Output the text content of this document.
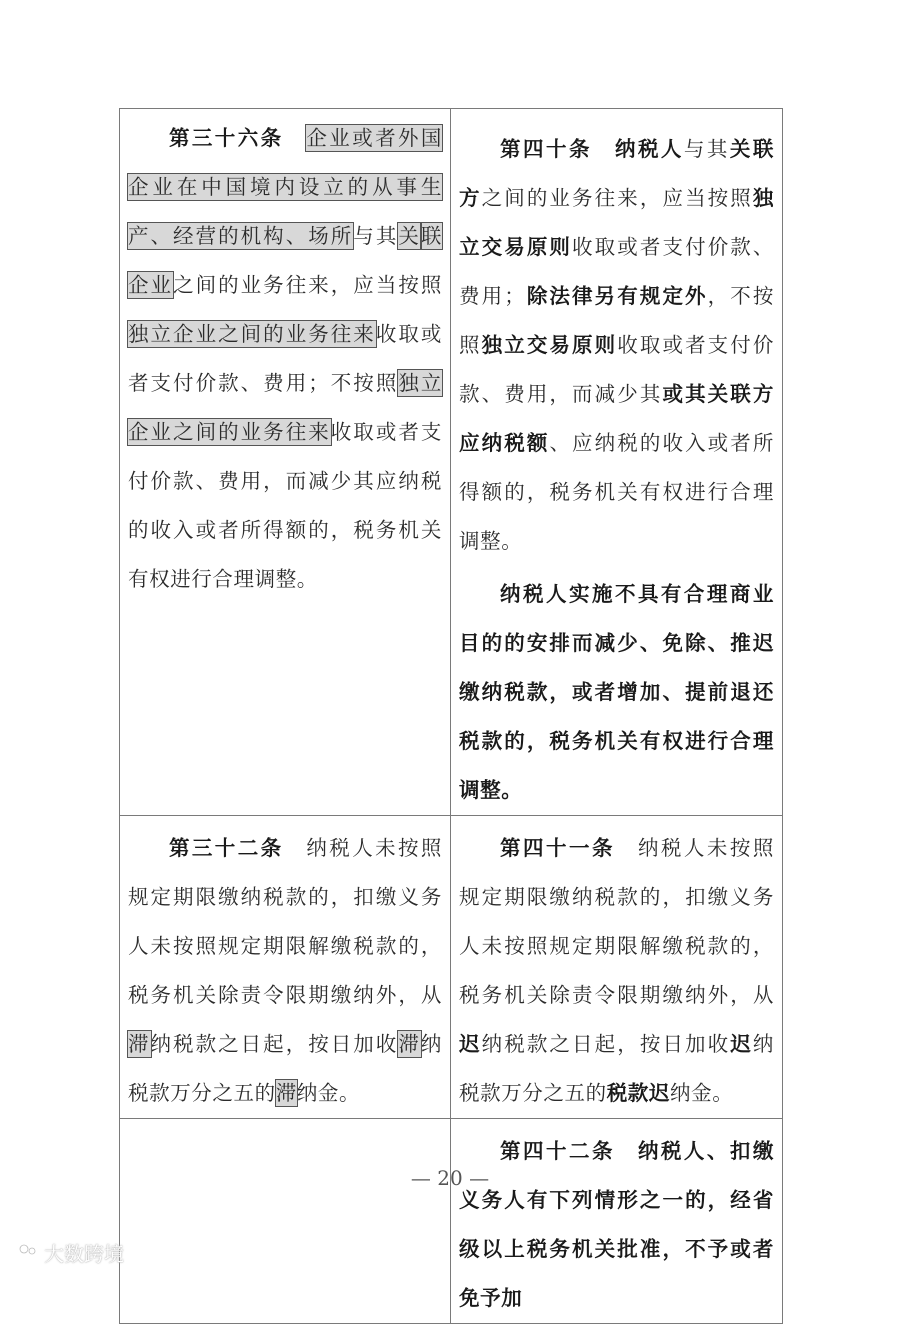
第三十六条　 企业或者外国企业在中国境内设立的从事生产、经营的机构、场所与其关联企业之间的业务往来，应当按照独立企业之间的业务往来收取或者支付价款、费用；不按照独立企业之间的业务往来收取或者支付价款、费用，而减少其应纳税的收入或者所得额的，税务机关有权进行合理调整。	第四十条　 纳税人与其关联方之间的业务往来，应当按照独立交易原则收取或者支付价款、费用；除法律另有规定外，不按照独立交易原则收取或者支付价款、费用，而减少其或其关联方应纳税额、应纳税的收入或者所得额的，税务机关有权进行合理调整。

纳税人实施不具有合理商业目的的安排而减少、免除、推迟缴纳税款，或者增加、提前退还税款的，税务机关有权进行合理调整。

第三十二条　纳税人未按照规定期限缴纳税款的，扣缴义务人未按照规定期限解缴税款的，税务机关除责令限期缴纳外，从滞纳税款之日起，按日加收滞纳税款万分之五的滞纳金。	第四十一条　纳税人未按照规定期限缴纳税款的，扣缴义务人未按照规定期限解缴税款的，税务机关除责令限期缴纳外，从迟纳税款之日起，按日加收迟纳税款万分之五的税款迟纳金。

	第四十二条　纳税人、扣缴义务人有下列情形之一的，经省级以上税务机关批准，不予或者免予加

— 20 —
大数跨境
